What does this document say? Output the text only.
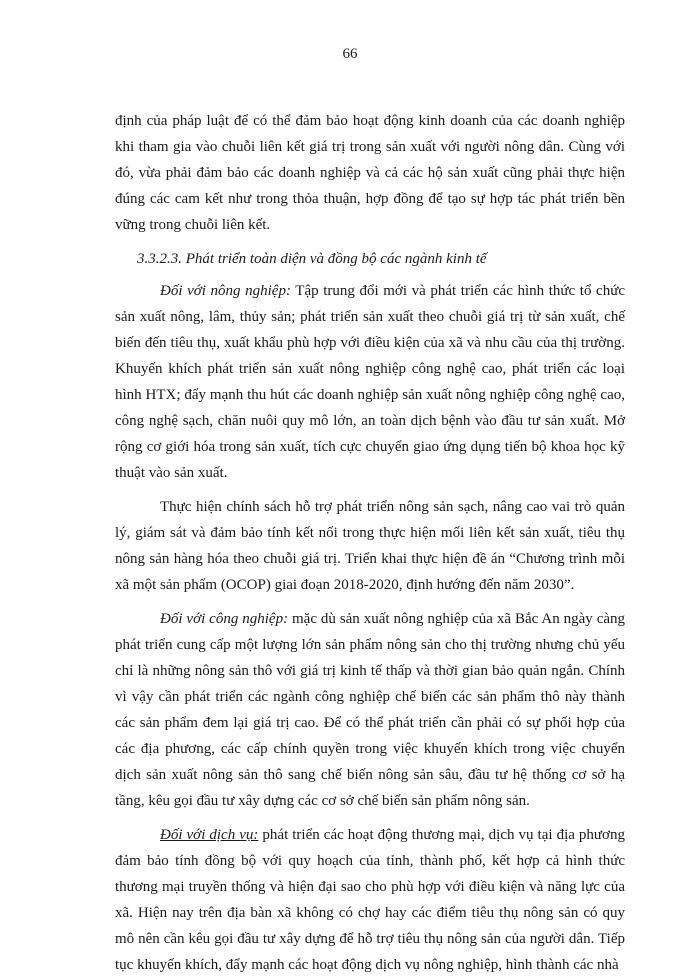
66

định của pháp luật để có thể đảm bảo hoạt động kinh doanh của các doanh nghiệp khi tham gia vào chuỗi liên kết giá trị trong sản xuất với người nông dân. Cùng với đó, vừa phải đảm bảo các doanh nghiệp và cả các hộ sản xuất cũng phải thực hiện đúng các cam kết như trong thỏa thuận, hợp đồng để tạo sự hợp tác phát triển bền vững trong chuỗi liên kết.

3.3.2.3. Phát triển toàn diện và đồng bộ các ngành kinh tế

Đối với nông nghiệp: Tập trung đổi mới và phát triển các hình thức tổ chức sản xuất nông, lâm, thủy sản; phát triển sản xuất theo chuỗi giá trị từ sản xuất, chế biến đến tiêu thụ, xuất khẩu phù hợp với điều kiện của xã và nhu cầu của thị trường. Khuyến khích phát triển sản xuất nông nghiệp công nghệ cao, phát triển các loại hình HTX; đẩy mạnh thu hút các doanh nghiệp sản xuất nông nghiệp công nghệ cao, công nghệ sạch, chăn nuôi quy mô lớn, an toàn dịch bệnh vào đầu tư sản xuất. Mở rộng cơ giới hóa trong sản xuất, tích cực chuyển giao ứng dụng tiến bộ khoa học kỹ thuật vào sản xuất.

Thực hiện chính sách hỗ trợ phát triển nông sản sạch, nâng cao vai trò quản lý, giám sát và đảm bảo tính kết nối trong thực hiện mối liên kết sản xuất, tiêu thụ nông sản hàng hóa theo chuỗi giá trị. Triển khai thực hiện đề án “Chương trình mỗi xã một sản phẩm (OCOP) giai đoạn 2018-2020, định hướng đến năm 2030”.

Đối với công nghiệp: mặc dù sản xuất nông nghiệp của xã Bắc An ngày càng phát triển cung cấp một lượng lớn sản phẩm nông sản cho thị trường nhưng chủ yếu chỉ là những nông sản thô với giá trị kinh tế thấp và thời gian bảo quản ngắn. Chính vì vậy cần phát triển các ngành công nghiệp chế biến các sản phẩm thô này thành các sản phẩm đem lại giá trị cao. Để có thể phát triển cần phải có sự phối hợp của các địa phương, các cấp chính quyền trong việc khuyến khích trong việc chuyển dịch sản xuất nông sản thô sang chế biến nông sản sâu, đầu tư hệ thống cơ sở hạ tầng, kêu gọi đầu tư xây dựng các cơ sở chế biến sản phẩm nông sản.

Đối với dịch vụ: phát triển các hoạt động thương mại, dịch vụ tại địa phương đảm bảo tính đồng bộ với quy hoạch của tỉnh, thành phố, kết hợp cả hình thức thương mại truyền thống và hiện đại sao cho phù hợp với điều kiện và năng lực của xã. Hiện nay trên địa bàn xã không có chợ hay các điểm tiêu thụ nông sản có quy mô nên cần kêu gọi đầu tư xây dựng để hỗ trợ tiêu thụ nông sản của người dân. Tiếp tục khuyến khích, đẩy mạnh các hoạt động dịch vụ nông nghiệp, hình thành các nhà
